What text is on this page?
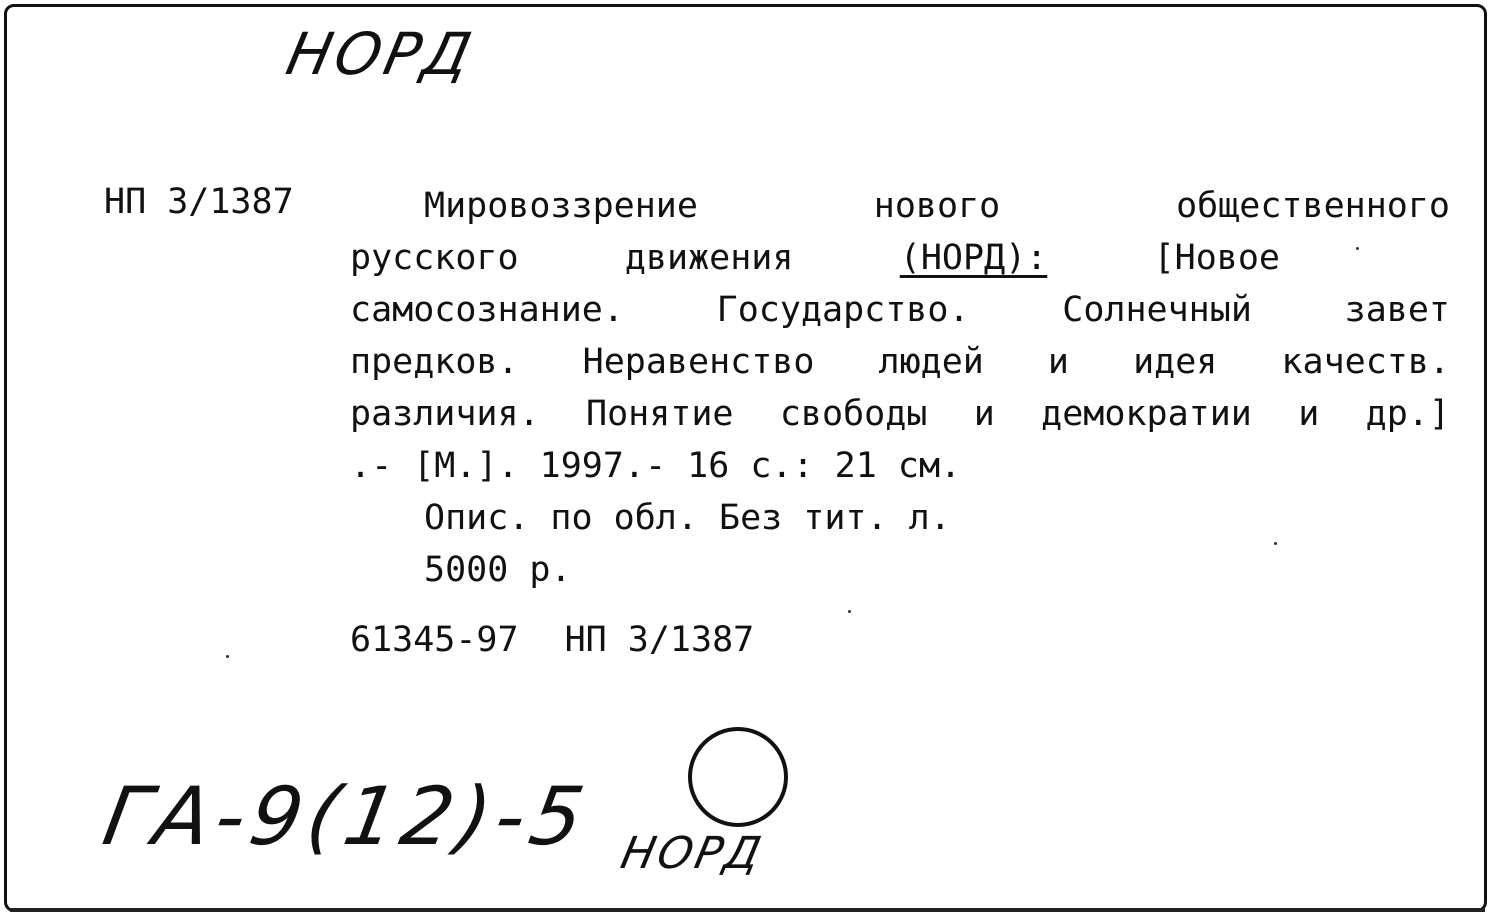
НОРД
НП 3/1387	Мировоззрение	нового	общественного
русского	движения	(НОРД):	[Новое
самосознание.	Государство.	Солнечный	завет
предков. Неравенство людей и идея качеств.
различия. Понятие свободы и демократии и др.]
.- [М.]. 1997.- 16 с.: 21 см.
Опис. по обл. Без тит. л.
5000 р.
61345-97 НП 3/1387
ГА-9(12)-5 НОРД
